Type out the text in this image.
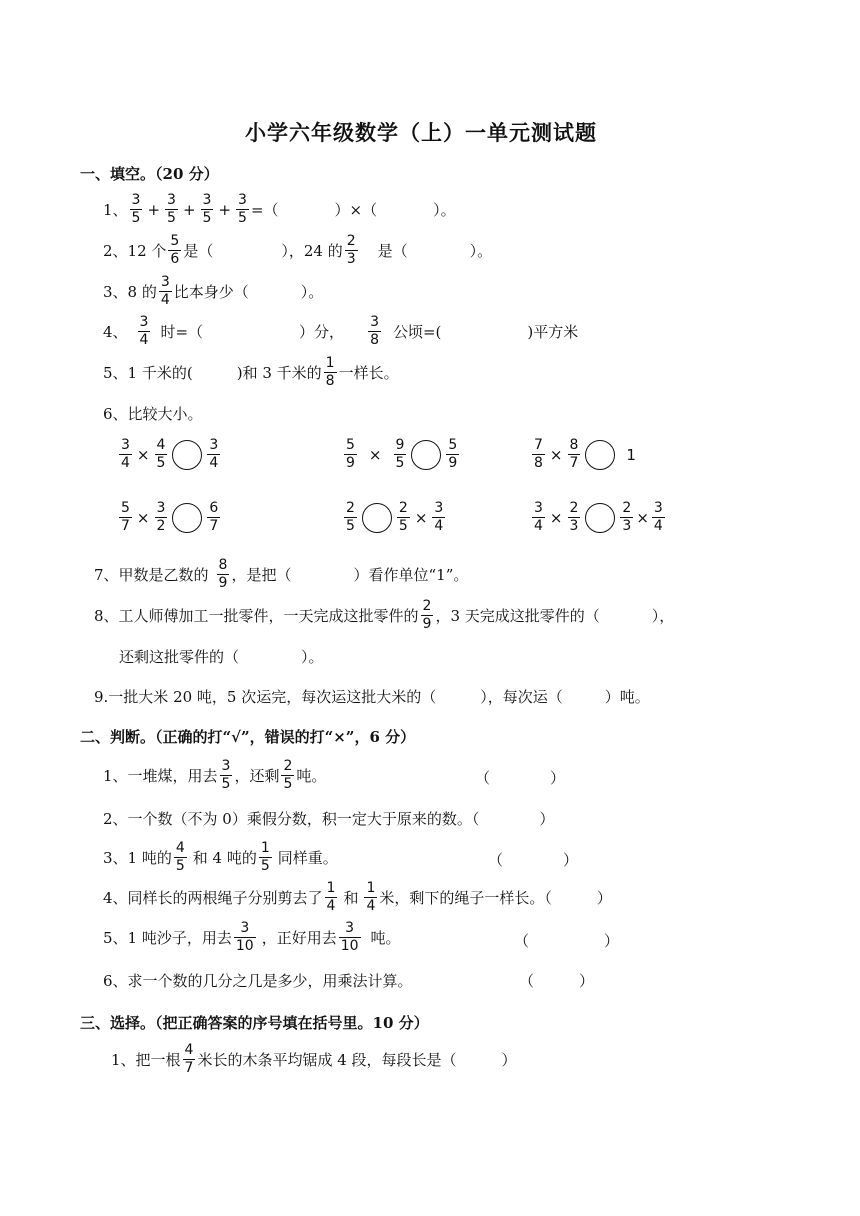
小学六年级数学（上）一单元测试题
一、填空。（20 分）
1、 $\frac{3}{5} + \frac{3}{5} + \frac{3}{5} + \frac{3}{5}$ =（	）×（	）。
2、12 个 $\frac{5}{6}$ 是（	），24 的 $\frac{2}{3}$ 是（	）。
3、8 的 $\frac{3}{4}$ 比本身少（	）。
4、 $\frac{3}{4}$ 时=（	）分， $\frac{3}{8}$ 公顷=(	)平方米
5、1 千米的(	)和 3 千米的 $\frac{1}{8}$ 一样长。
6、比较大小。
$\frac{3}{4} \times \frac{4}{5}$	$\frac{3}{4}$	$\frac{5}{9} \times \frac{9}{5}$	$\frac{5}{9}$	$\frac{7}{8} \times \frac{8}{7}$	1
$\frac{5}{7} \times \frac{3}{2}$	$\frac{6}{7}$	$\frac{2}{5}$	$\frac{2}{5} \times \frac{3}{4}$	$\frac{3}{4} \times \frac{2}{3}$	$\frac{2}{3} \times \frac{3}{4}$
7、甲数是乙数的 $\frac{8}{9}$ ，是把（	）看作单位“1”。
8、工人师傅加工一批零件，一天完成这批零件的 $\frac{2}{9}$ ，3 天完成这批零件的（	），
还剩这批零件的（	）。
9.一批大米 20 吨，5 次运完，每次运这批大米的（	），每次运（	）吨。
二、判断。（正确的打“√”，错误的打“×”，6 分）
1、一堆煤，用去 $\frac{3}{5}$ ，还剩 $\frac{2}{5}$ 吨。	（　　　　）
2、一个数（不为 0）乘假分数，积一定大于原来的数。（　　　　）
3、1 吨的 $\frac{4}{5}$ 和 4 吨的 $\frac{1}{5}$ 同样重。	（　　　　）
4、同样长的两根绳子分别剪去了 $\frac{1}{4}$ 和 $\frac{1}{4}$ 米，剩下的绳子一样长。（　　　）
5、1 吨沙子，用去 $\frac{3}{10}$ ，正好用去 $\frac{3}{10}$ 吨。	（　　　　　）
6、求一个数的几分之几是多少，用乘法计算。	（　　　）
三、选择。（把正确答案的序号填在括号里。10 分）
1、把一根 $\frac{4}{7}$ 米长的木条平均锯成 4 段，每段长是（　　　）
